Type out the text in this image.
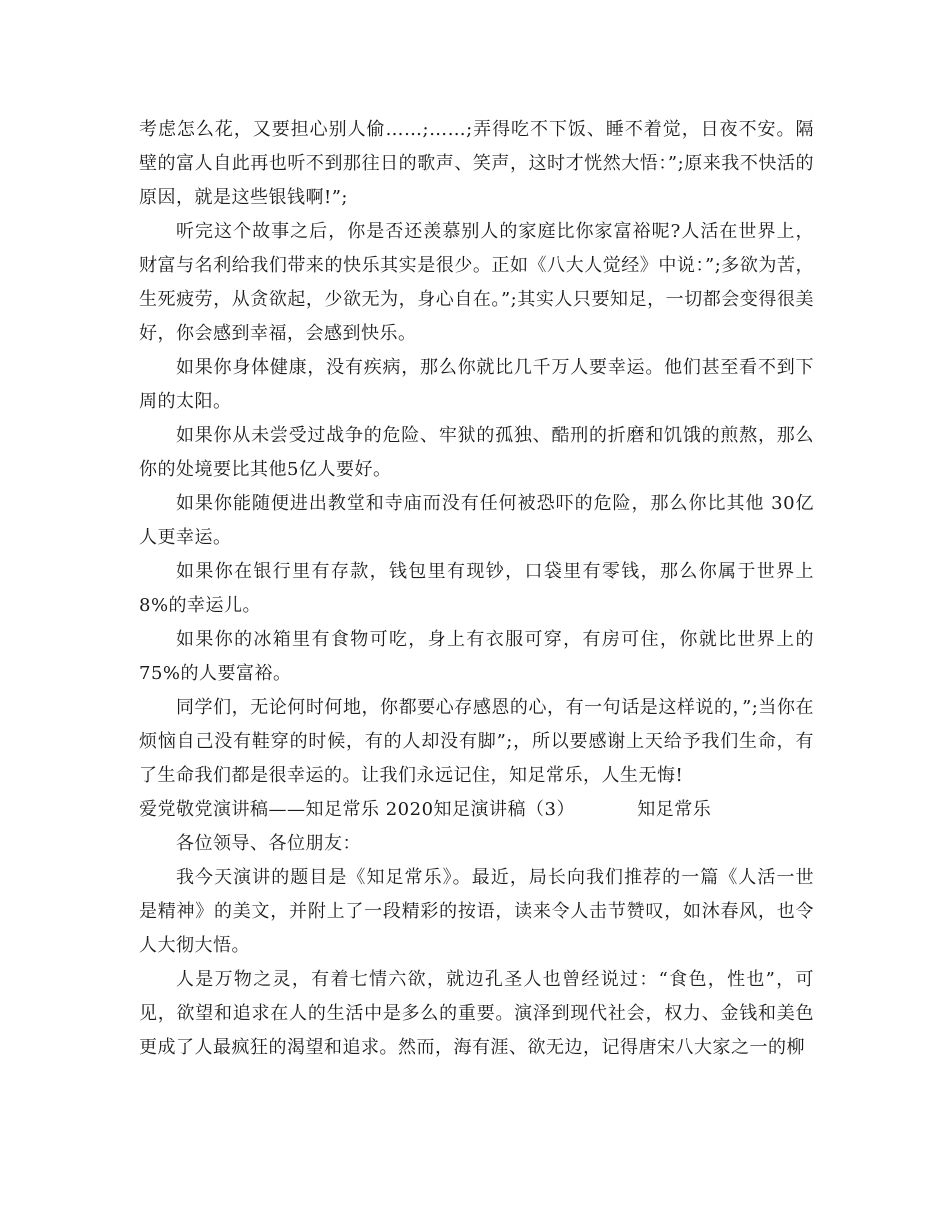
考虑怎么花，又要担心别人偷……;……;弄得吃不下饭、睡不着觉，日夜不安。隔壁的富人自此再也听不到那往日的歌声、笑声，这时才恍然大悟：”;原来我不快活的原因，就是这些银钱啊!”;

听完这个故事之后，你是否还羡慕别人的家庭比你家富裕呢?人活在世界上，财富与名利给我们带来的快乐其实是很少。正如《八大人觉经》中说：”;多欲为苦，生死疲劳，从贪欲起，少欲无为，身心自在。”;其实人只要知足，一切都会变得很美好，你会感到幸福，会感到快乐。

如果你身体健康，没有疾病，那么你就比几千万人要幸运。他们甚至看不到下周的太阳。

如果你从未尝受过战争的危险、牢狱的孤独、酷刑的折磨和饥饿的煎熬，那么你的处境要比其他5亿人要好。

如果你能随便进出教堂和寺庙而没有任何被恐吓的危险，那么你比其他 30亿人更幸运。

如果你在银行里有存款，钱包里有现钞，口袋里有零钱，那么你属于世界上8%的幸运儿。

如果你的冰箱里有食物可吃，身上有衣服可穿，有房可住，你就比世界上的75%的人要富裕。

同学们，无论何时何地，你都要心存感恩的心，有一句话是这样说的，”;当你在烦恼自己没有鞋穿的时候，有的人却没有脚”;，所以要感谢上天给予我们生命，有了生命我们都是很幸运的。让我们永远记住，知足常乐，人生无悔!

爱党敬党演讲稿——知足常乐 2020知足演讲稿（3）          知足常乐

各位领导、各位朋友：

我今天演讲的题目是《知足常乐》。最近，局长向我们推荐的一篇《人活一世是精神》的美文，并附上了一段精彩的按语，读来令人击节赞叹，如沐春风，也令人大彻大悟。

人是万物之灵，有着七情六欲，就边孔圣人也曾经说过：“食色，性也”，可见，欲望和追求在人的生活中是多么的重要。演泽到现代社会，权力、金钱和美色更成了人最疯狂的渴望和追求。然而，海有涯、欲无边，记得唐宋八大家之一的柳
